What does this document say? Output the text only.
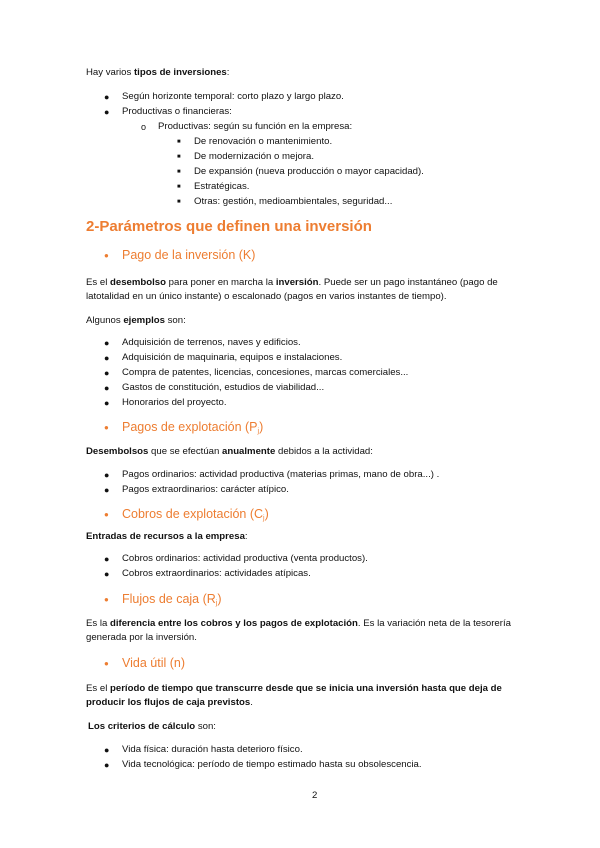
Hay varios tipos de inversiones:
● Según horizonte temporal: corto plazo y largo plazo.
● Productivas o financieras:
o Productivas: según su función en la empresa:
■ De renovación o mantenimiento.
■ De modernización o mejora.
■ De expansión (nueva producción o mayor capacidad).
■ Estratégicas.
■ Otras: gestión, medioambientales, seguridad...
2-Parámetros que definen una inversión
● Pago de la inversión (K)
Es el desembolso para poner en marcha la inversión. Puede ser un pago instantáneo (pago de
latotalidad en un único instante) o escalonado (pagos en varios instantes de tiempo).
Algunos ejemplos son:
● Adquisición de terrenos, naves y edificios.
● Adquisición de maquinaria, equipos e instalaciones.
● Compra de patentes, licencias, concesiones, marcas comerciales...
● Gastos de constitución, estudios de viabilidad...
● Honorarios del proyecto.
● Pagos de explotación $(P_j)$
Desembolsos que se efectúan anualmente debidos a la actividad:
● Pagos ordinarios: actividad productiva (materias primas, mano de obra...) .
● Pagos extraordinarios: carácter atípico.
● Cobros de explotación $(C_j)$
Entradas de recursos a la empresa:
● Cobros ordinarios: actividad productiva (venta productos).
● Cobros extraordinarios: actividades atípicas.
● Flujos de caja $(R_j)$
Es la diferencia entre los cobros y los pagos de explotación. Es la variación neta de la tesorería
generada por la inversión.
● Vida útil (n)
Es el período de tiempo que transcurre desde que se inicia una inversión hasta que deja de
producir los flujos de caja previstos.
Los criterios de cálculo son:
● Vida física: duración hasta deterioro físico.
● Vida tecnológica: período de tiempo estimado hasta su obsolescencia.
2
